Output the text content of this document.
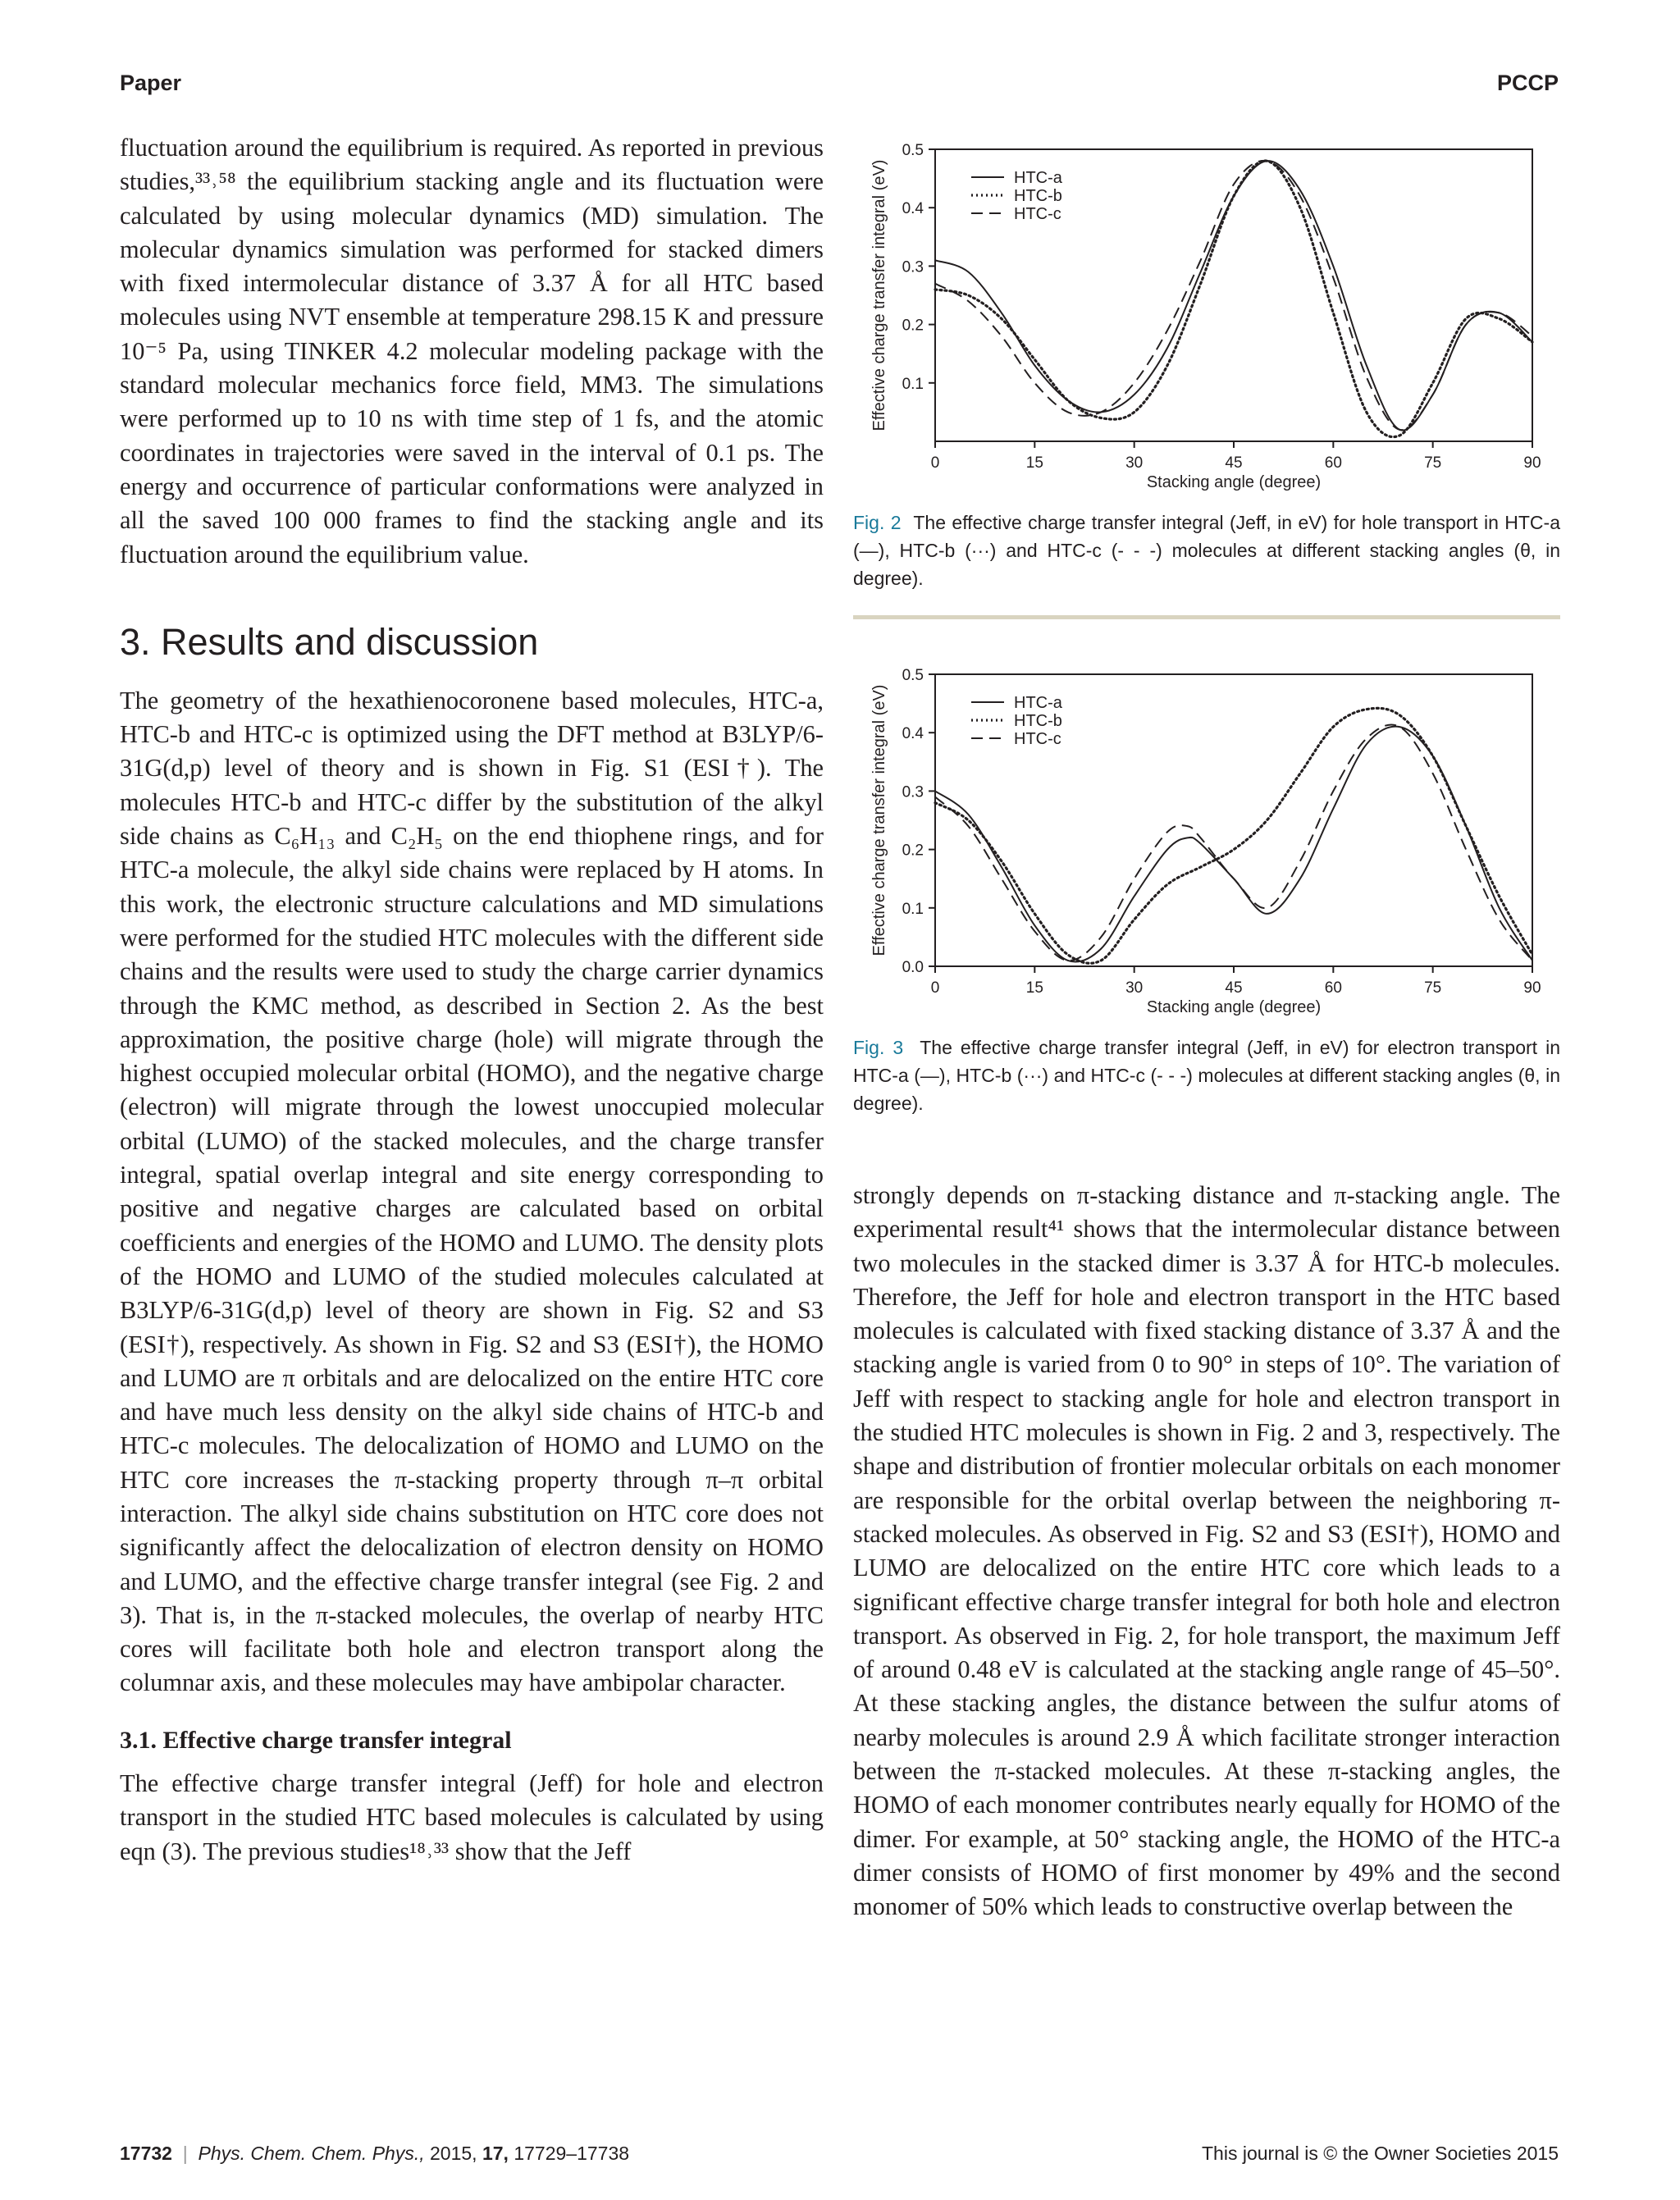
Paper	PCCP

fluctuation around the equilibrium is required. As reported in previous studies,³³˒⁵⁸ the equilibrium stacking angle and its fluctuation were calculated by using molecular dynamics (MD) simulation. The molecular dynamics simulation was performed for stacked dimers with fixed intermolecular distance of 3.37 Å for all HTC based molecules using NVT ensemble at temperature 298.15 K and pressure 10⁻⁵ Pa, using TINKER 4.2 molecular modeling package with the standard molecular mechanics force field, MM3. The simulations were performed up to 10 ns with time step of 1 fs, and the atomic coordinates in trajectories were saved in the interval of 0.1 ps. The energy and occurrence of particular conformations were analyzed in all the saved 100 000 frames to find the stacking angle and its fluctuation around the equilibrium value.

3. Results and discussion

The geometry of the hexathienocoronene based molecules, HTC-a, HTC-b and HTC-c is optimized using the DFT method at B3LYP/6-31G(d,p) level of theory and is shown in Fig. S1 (ESI†). The molecules HTC-b and HTC-c differ by the substitution of the alkyl side chains as C₆H₁₃ and C₂H₅ on the end thiophene rings, and for HTC-a molecule, the alkyl side chains were replaced by H atoms. In this work, the electronic structure calculations and MD simulations were performed for the studied HTC molecules with the different side chains and the results were used to study the charge carrier dynamics through the KMC method, as described in Section 2. As the best approximation, the positive charge (hole) will migrate through the highest occupied molecular orbital (HOMO), and the negative charge (electron) will migrate through the lowest unoccupied molecular orbital (LUMO) of the stacked molecules, and the charge transfer integral, spatial overlap integral and site energy corresponding to positive and negative charges are calculated based on orbital coefficients and energies of the HOMO and LUMO. The density plots of the HOMO and LUMO of the studied molecules calculated at B3LYP/6-31G(d,p) level of theory are shown in Fig. S2 and S3 (ESI†), respectively. As shown in Fig. S2 and S3 (ESI†), the HOMO and LUMO are π orbitals and are delocalized on the entire HTC core and have much less density on the alkyl side chains of HTC-b and HTC-c molecules. The delocalization of HOMO and LUMO on the HTC core increases the π-stacking property through π–π orbital interaction. The alkyl side chains substitution on HTC core does not significantly affect the delocalization of electron density on HOMO and LUMO, and the effective charge transfer integral (see Fig. 2 and 3). That is, in the π-stacked molecules, the overlap of nearby HTC cores will facilitate both hole and electron transport along the columnar axis, and these molecules may have ambipolar character.

3.1. Effective charge transfer integral

The effective charge transfer integral (Jeff) for hole and electron transport in the studied HTC based molecules is calculated by using eqn (3). The previous studies¹⁸˒³³ show that the Jeff

0	15	30	45	60	75	90
0.1
0.2
0.3
0.4
0.5
Stacking angle (degree)
Effective charge transfer integral (eV)	HTC-a
HTC-b
HTC-c
Fig. 2 The effective charge transfer integral (Jeff, in eV) for hole transport in HTC-a (—), HTC-b (···) and HTC-c (- - -) molecules at different stacking angles (θ, in degree).
0	15	30	45	60	75	90
0.0
0.1
0.2
0.3
0.4
0.5
Stacking angle (degree)
Effective charge transfer integral (eV)	HTC-a
HTC-b
HTC-c
Fig. 3 The effective charge transfer integral (Jeff, in eV) for electron transport in HTC-a (—), HTC-b (···) and HTC-c (- - -) molecules at different stacking angles (θ, in degree).

strongly depends on π-stacking distance and π-stacking angle. The experimental result⁴¹ shows that the intermolecular distance between two molecules in the stacked dimer is 3.37 Å for HTC-b molecules. Therefore, the Jeff for hole and electron transport in the HTC based molecules is calculated with fixed stacking distance of 3.37 Å and the stacking angle is varied from 0 to 90° in steps of 10°. The variation of Jeff with respect to stacking angle for hole and electron transport in the studied HTC molecules is shown in Fig. 2 and 3, respectively. The shape and distribution of frontier molecular orbitals on each monomer are responsible for the orbital overlap between the neighboring π-stacked molecules. As observed in Fig. S2 and S3 (ESI†), HOMO and LUMO are delocalized on the entire HTC core which leads to a significant effective charge transfer integral for both hole and electron transport. As observed in Fig. 2, for hole transport, the maximum Jeff of around 0.48 eV is calculated at the stacking angle range of 45–50°. At these stacking angles, the distance between the sulfur atoms of nearby molecules is around 2.9 Å which facilitate stronger interaction between the π-stacked molecules. At these π-stacking angles, the HOMO of each monomer contributes nearly equally for HOMO of the dimer. For example, at 50° stacking angle, the HOMO of the HTC-a dimer consists of HOMO of first monomer by 49% and the second monomer of 50% which leads to constructive overlap between the

17732  |  Phys. Chem. Chem. Phys., 2015, 17, 17729–17738	This journal is © the Owner Societies 2015
